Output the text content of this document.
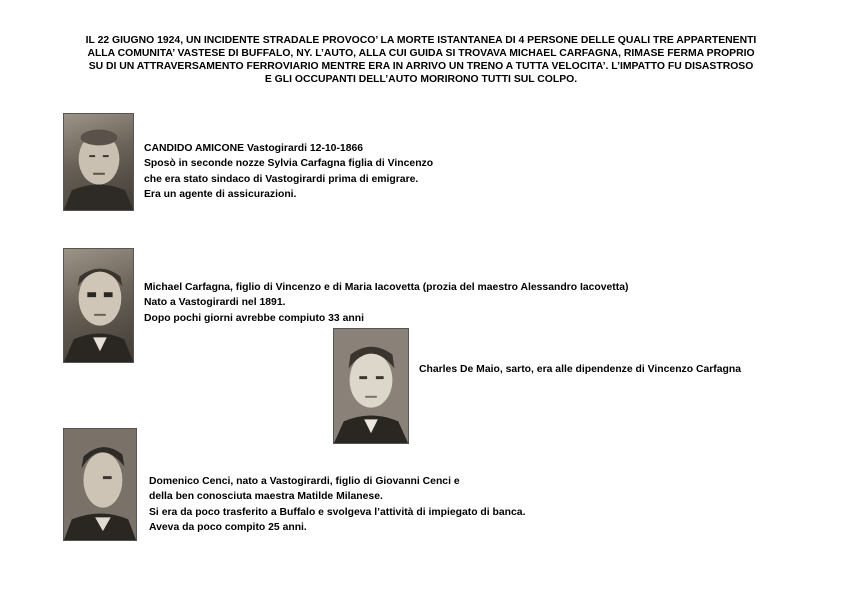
IL 22 GIUGNO 1924, UN INCIDENTE STRADALE PROVOCO’ LA MORTE ISTANTANEA DI 4 PERSONE DELLE QUALI TRE APPARTENENTI
ALLA COMUNITA’ VASTESE DI BUFFALO, NY. L’AUTO, ALLA CUI GUIDA SI TROVAVA MICHAEL CARFAGNA, RIMASE FERMA PROPRIO
SU DI UN ATTRAVERSAMENTO FERROVIARIO MENTRE ERA IN ARRIVO UN TRENO A TUTTA VELOCITA’. L’IMPATTO FU DISASTROSO
E GLI OCCUPANTI DELL’AUTO MORIRONO TUTTI SUL COLPO.
CANDIDO AMICONE Vastogirardi 12-10-1866
Sposò in seconde nozze Sylvia Carfagna figlia di Vincenzo
che era stato sindaco di Vastogirardi prima di emigrare.
Era un agente di assicurazioni.
Michael Carfagna, figlio di Vincenzo e di Maria Iacovetta (prozia del maestro Alessandro Iacovetta)
Nato a Vastogirardi nel 1891.
Dopo pochi giorni avrebbe compiuto 33 anni
Charles De Maio, sarto, era alle dipendenze di Vincenzo Carfagna
Domenico Cenci, nato a Vastogirardi, figlio di Giovanni Cenci e
della ben conosciuta maestra Matilde Milanese.
Si era da poco trasferito a Buffalo e svolgeva l’attività di impiegato di banca.
Aveva da poco compito 25 anni.
